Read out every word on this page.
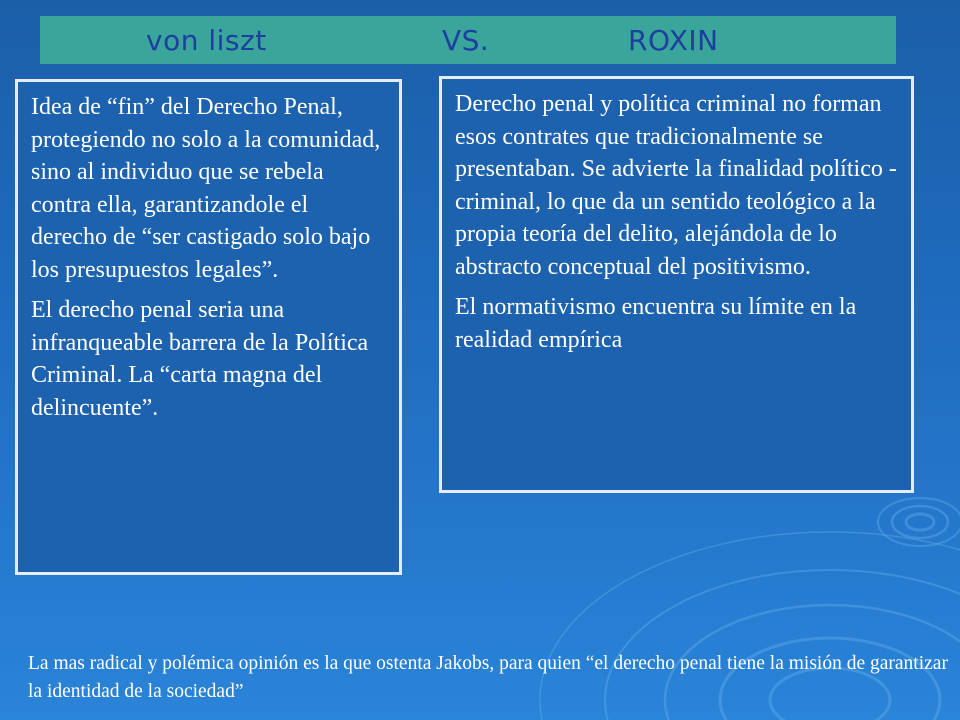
von liszt	VS.	ROXIN

Idea de “fin” del Derecho Penal, protegiendo no solo a la comunidad, sino al individuo que se rebela contra ella, garantizandole el derecho de “ser castigado solo bajo los presupuestos legales”.

El derecho penal seria una infranqueable barrera de la Política Criminal. La “carta magna del delincuente”.

Derecho penal y política criminal no forman esos contrates que tradicionalmente se presentaban. Se advierte la finalidad político - criminal, lo que da un sentido teológico a la propia teoría del delito, alejándola de lo abstracto conceptual del positivismo.

El normativismo encuentra su límite en la realidad empírica

La mas radical y polémica opinión es la que ostenta Jakobs, para quien “el derecho penal tiene la misión de garantizar la identidad de la sociedad”
